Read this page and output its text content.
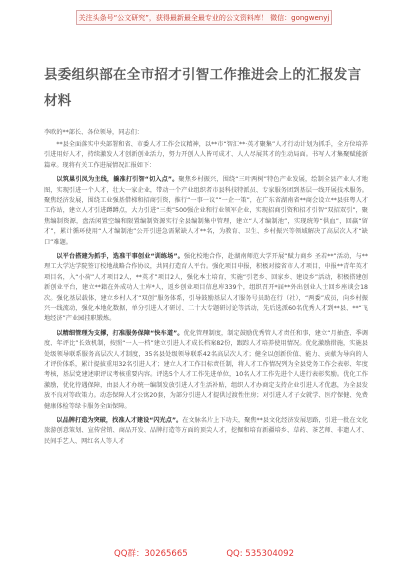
关注头条号“公文研究”，获得最新最全最专业的公文资料库！ 微信：gongwenyj
县委组织部在全市招才引智工作推进会上的汇报发言材料

李欧的**部长、各位领导，同志们：

**县全面落实中央部署和省、市委人才工作会议精神，以**市“智汇**·英才聚集”人才行动计划为抓手，全方位培养引进用好人才，持续激发人才创新创业活力，努力开创人人皆可成才、人人尽展其才的生动局面。书写人才集聚赋能新篇章。现将有关工作进展情况汇报如下：

以筑巢引凤为主线，撬准打引智“切入点”。聚焦乡村振兴，围绕“三叶两树”特色产业发展，绘制全县产业人才地图，实现引进一个人才，壮大一家企业，带动一个产业组织者市县科技特派员、专家服务团到基层一线开展技术服务。聚焦经济发展，围绕工业强基借梯和招商引资，推行“一事一议”“一企一策”，在广东省湖南省**商会设立**县驻粤人才工作站，建立人才引进蹲蹲点，大力引进“三类”500强企业和行业领军企业，实现招商引资和招才引智“双招双引”，聚焦编制资源，盘活闲置空编和限置编制资源实行全县编制集中管理，建立“人才编制池”，实现统筹“供血”，回赢“留才”，累计循环使用“人才编制池”公开引进急需紧缺人才**名，为教育、卫生、乡村振兴等领域解决了高层次人才“缺口”难题。

以平台搭建为抓手，选准干事创业“训练场”。强化校地合作，赴湖南师范大学开展“赋力商乡 圣若**”活动，与**理工大学达学院签订校地战略合作协议，共同打造育人平台。强化项目申报，积极对接省市人才项目，申报**青年英才项目名，入“小荷”人才项目2人，**英才”项目2人，强化本土培育，实施“引老乡、回家乡、建设乡”活动，积极搭建创新创业平台，建立**籍在外成功人士库*人，返乡创业项目信息库339个，组织召开*届**外出创业人士回乡座谈会18次。强化基层载体，建立乡村人才“双创”服务体系，引导鼓励基层人才服务号员助在行（社），“两委”成员，向乡村振兴一线流动，强化本地化数据，单分引进人才研讨、二十大专题研讨论等活动，先后选派60名优秀人才到**县、**“飞地经济”产业园挂职锻炼。

以精细管理为支撑，打准服务保障“快车道”。优化管理制度，制定鼓励优秀管人才责任和事，建立“月抽查、季调度、年评比”长效机制，按照“一人一档”建立引进人才成长档案82份，跟踪人才培养使用情况。优化激励措施，实施县处级领导联系服务高层次人才制度，35名县处级领导联系42名高层次人才；健全以创新价值、能力、贡献为导向的人才评价体系，累计提拔重用32名引进人才；建立人才工作目标责任制，将人才工作情况列为全县党务工作会表彰、年度考核，基层党建述职评议考核重要内容。评选5个人才工作先进单位，10名人才工作先进个人进行表彰奖励。优化工作激励，优化待遇保障，由县人才办统一编制发放引进人才生活补贴，组织人才办商定支持企业引进人才优惠，为全县发放不良对等政策力。动态保障人才公寓20套，为部分引进人才提供过渡性住房；对引进人才子女就学、医疗保健、免费健康体检等绿卡服务全面保障。

以品牌打造为突破，找准人才建设“闪光点”。在文脉名片上下功夫，聚焦**县文化经济发展思路，引进一批在文化旅游创意策划、宣传营销、商品开发、品牌打造等方面的顶尖人才，挖掘和培育新疆培乡、草药、茶艺师、非遗人才、民间手艺人、网红名人等人才

QQ群：30265665	QQ: 535304092
